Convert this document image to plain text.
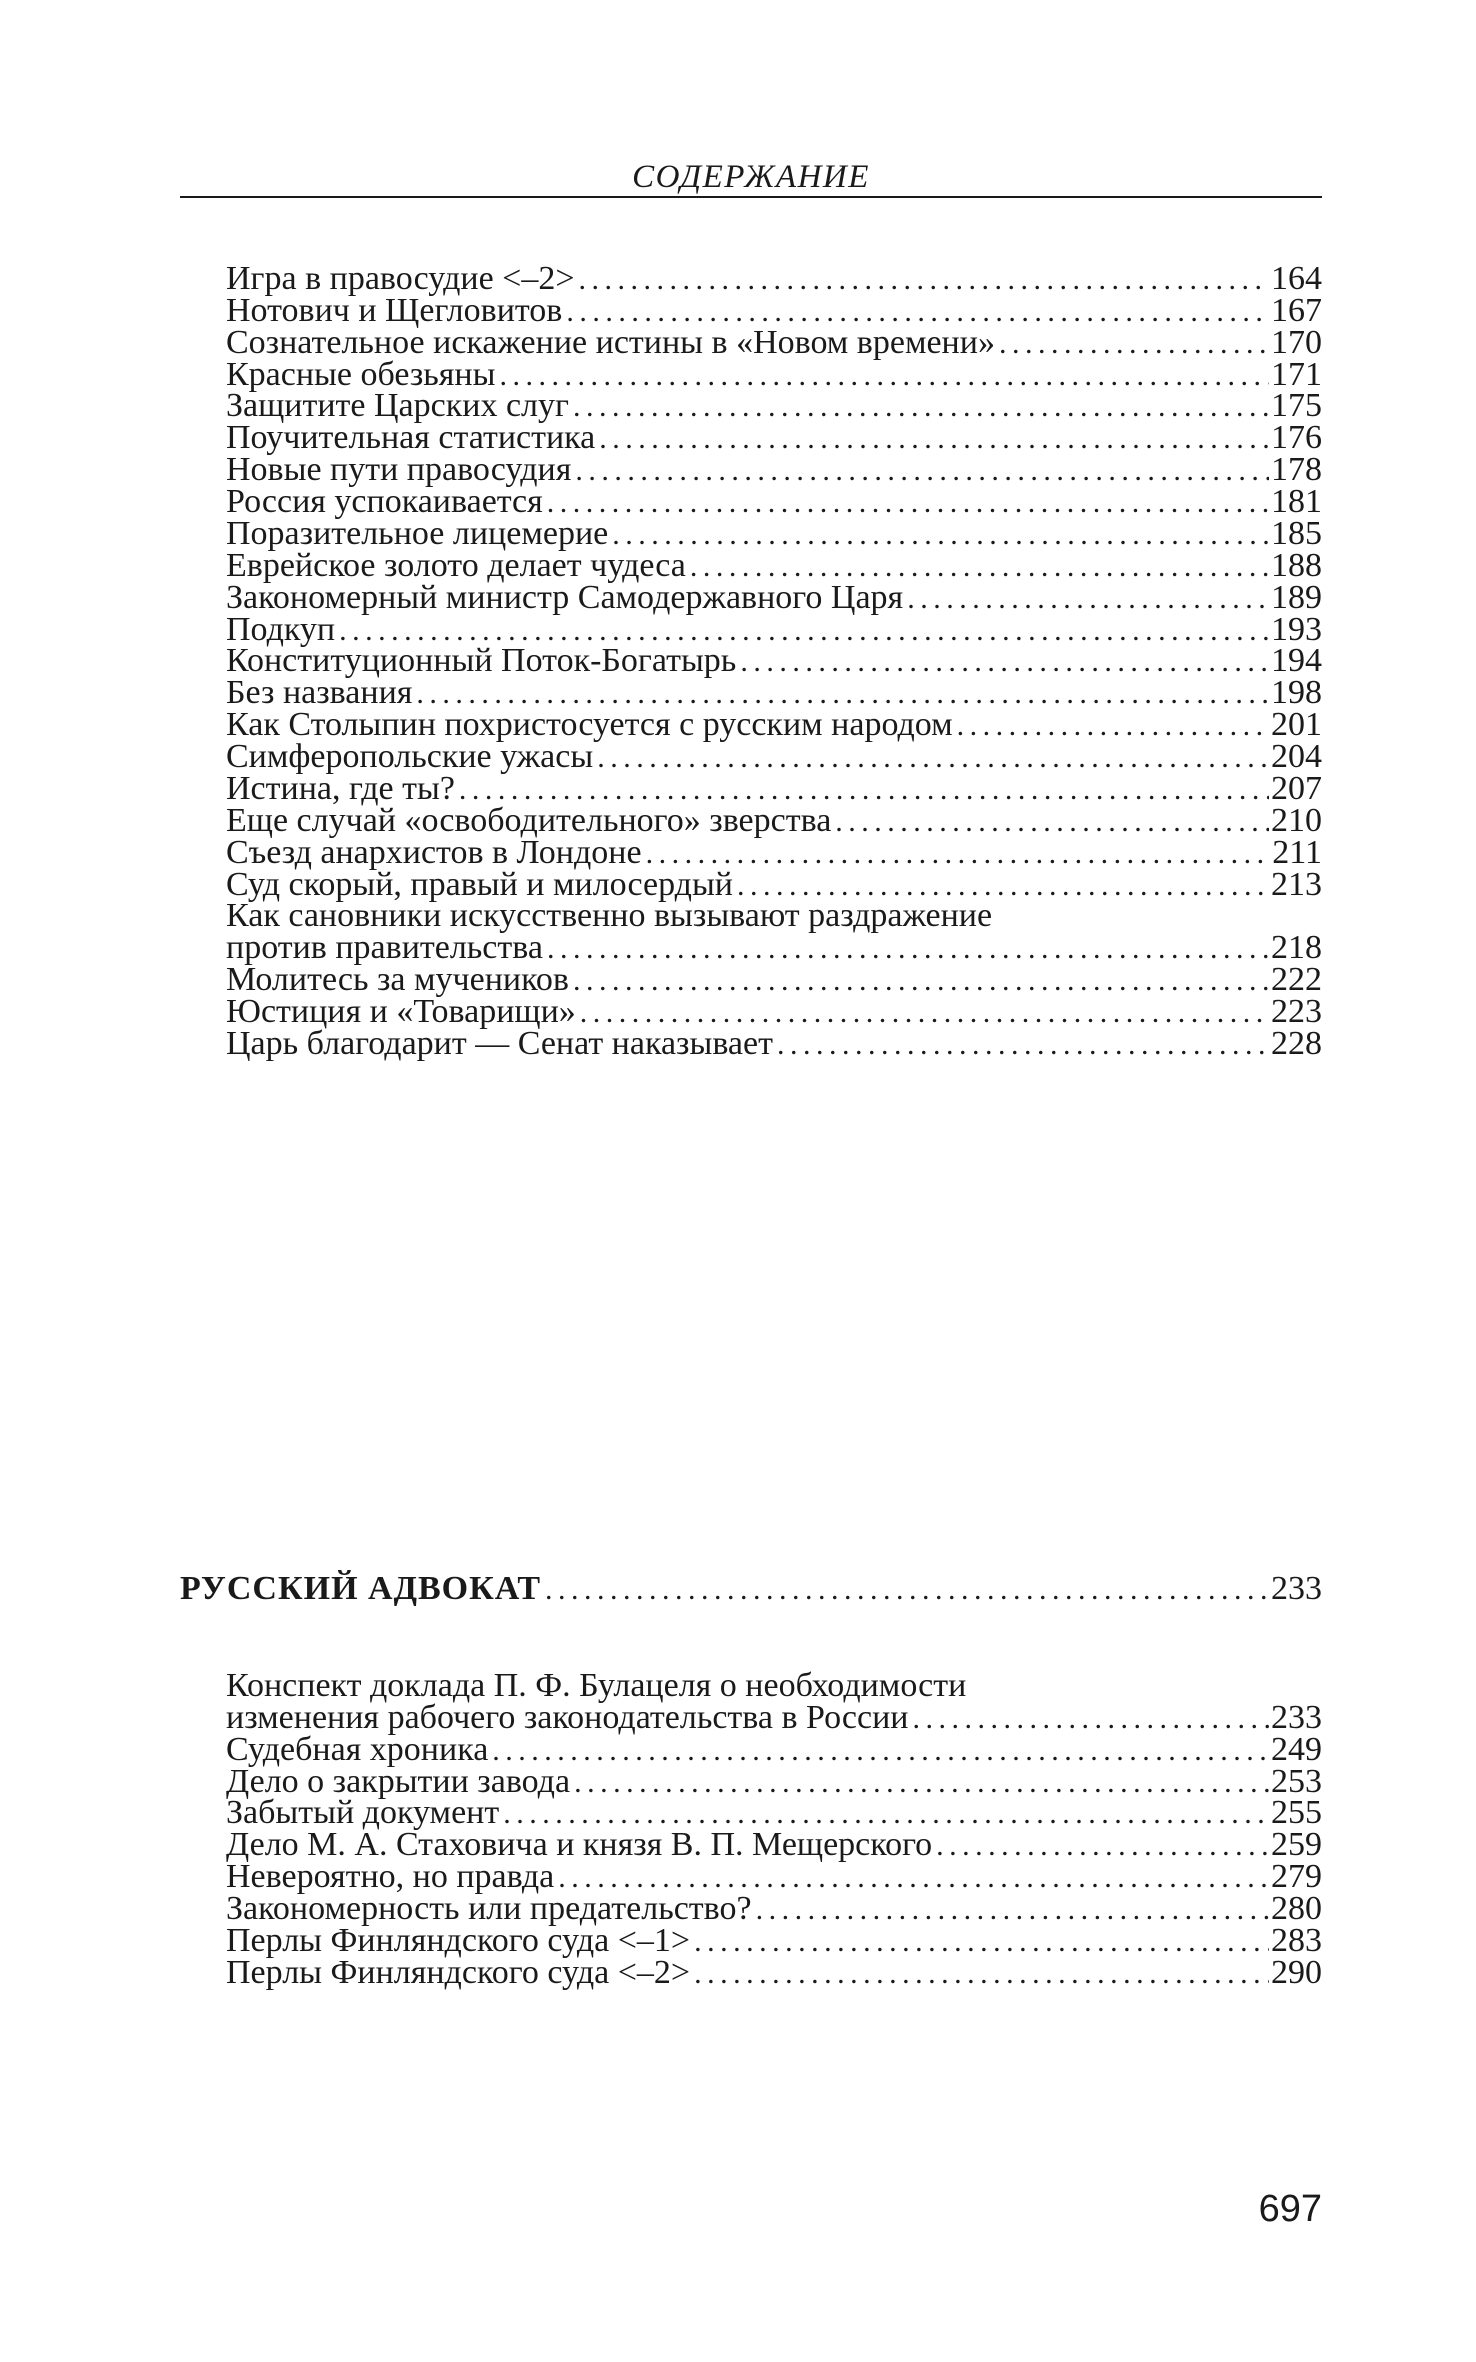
СОДЕРЖАНИЕ
Игра в правосудие <–2> . . .	164
Нотович и Щегловитов . . .	167
Сознательное искажение истины в «Новом времени» . . .	170
Красные обезьяны . . .	171
Защитите Царских слуг . . .	175
Поучительная статистика . . .	176
Новые пути правосудия . . .	178
Россия успокаивается . . .	181
Поразительное лицемерие . . .	185
Еврейское золото делает чудеса . . .	188
Закономерный министр Самодержавного Царя . . .	189
Подкуп . . .	193
Конституционный Поток-Богатырь . . .	194
Без названия . . .	198
Как Столыпин похристосуется с русским народом . . .	201
Симферопольские ужасы . . .	204
Истина, где ты? . . .	207
Еще случай «освободительного» зверства . . .	210
Съезд анархистов в Лондоне . . .	211
Суд скорый, правый и милосердый . . .	213
Как сановники искусственно вызывают раздражение
против правительства . . .	218
Молитесь за мучеников . . .	222
Юстиция и «Товарищи» . . .	223
Царь благодарит — Сенат наказывает . . .	228
РУССКИЙ АДВОКАТ . . .	233
Конспект доклада П. Ф. Булацеля о необходимости
изменения рабочего законодательства в России . . .	233
Судебная хроника . . .	249
Дело о закрытии завода . . .	253
Забытый документ . . .	255
Дело М. А. Стаховича и князя В. П. Мещерского . . .	259
Невероятно, но правда . . .	279
Закономерность или предательство? . . .	280
Перлы Финляндского суда <–1> . . .	283
Перлы Финляндского суда <–2> . . .	290
697
